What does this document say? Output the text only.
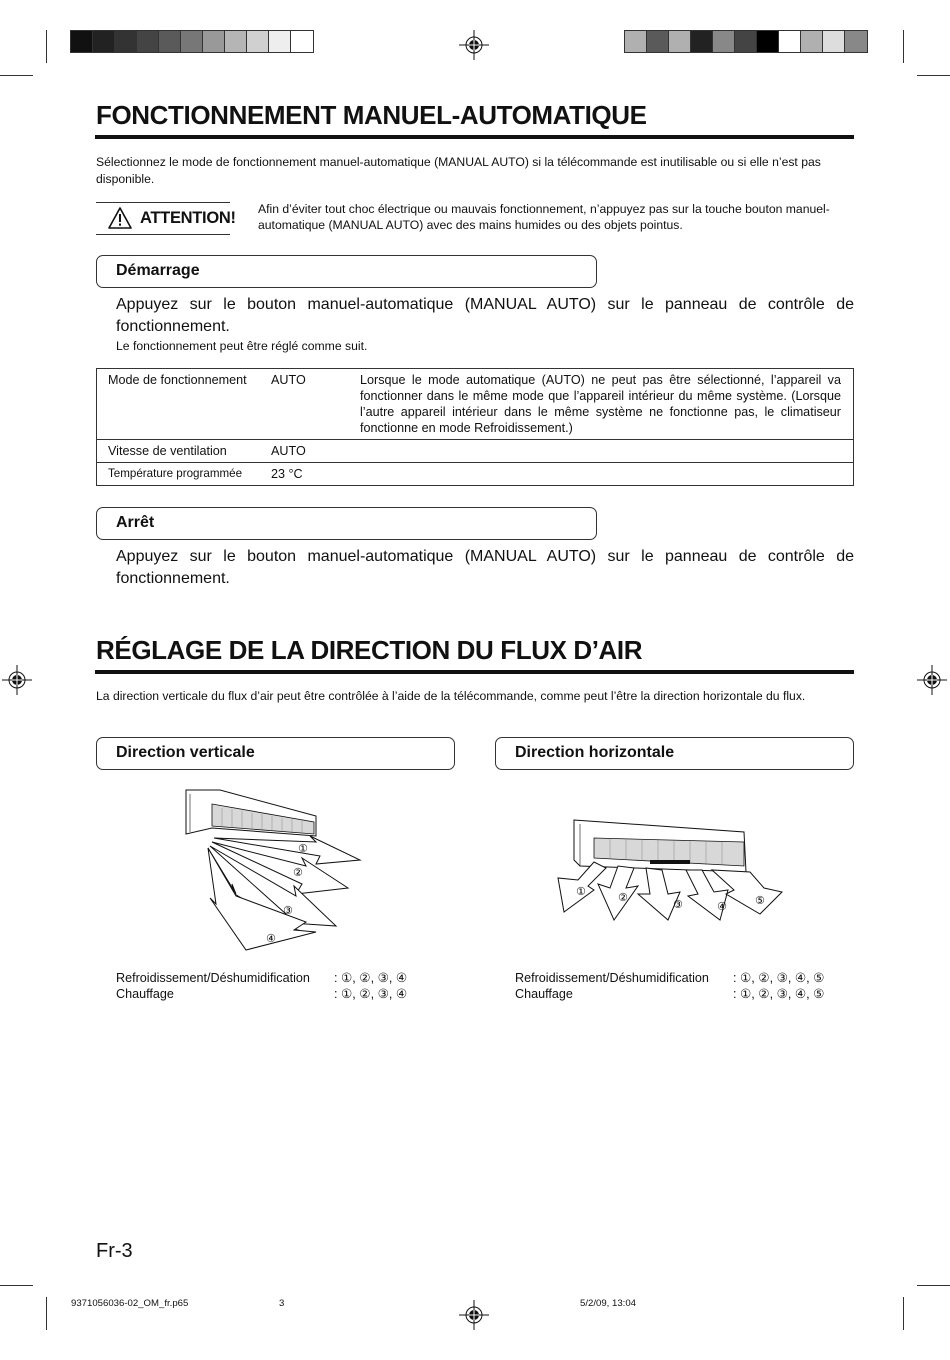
FONCTIONNEMENT MANUEL-AUTOMATIQUE
Sélectionnez le mode de fonctionnement manuel-automatique (MANUAL AUTO) si la télécommande est inutilisable ou si elle n’est pas disponible.
ATTENTION! Afin d’éviter tout choc électrique ou mauvais fonctionnement, n’appuyez pas sur la touche bouton manuel-automatique (MANUAL AUTO) avec des mains humides ou des objets pointus.
Démarrage
Appuyez sur le bouton manuel-automatique (MANUAL AUTO) sur le panneau de contrôle de fonctionnement.
Le fonctionnement peut être réglé comme suit.
Mode de fonctionnement	AUTO	Lorsque le mode automatique (AUTO) ne peut pas être sélectionné, l’appareil va fonctionner dans le même mode que l’appareil intérieur du même système. (Lorsque l’autre appareil intérieur dans le même système ne fonctionne pas, le climatiseur fonctionne en mode Refroidissement.)
Vitesse de ventilation	AUTO	
Température programmée	23 °C	
Arrêt
Appuyez sur le bouton manuel-automatique (MANUAL AUTO) sur le panneau de contrôle de fonctionnement.
RÉGLAGE DE LA DIRECTION DU FLUX D’AIR
La direction verticale du flux d’air peut être contrôlée à l’aide de la télécommande, comme peut l’être la direction horizontale du flux.
Direction verticale	Direction horizontale
①
②
③
④
①	②
③	④	⑤
Refroidissement/Déshumidification : ①, ②, ③, ④
Chauffage	: ①, ②, ③, ④
Refroidissement/Déshumidification : ①, ②, ③, ④, ⑤
Chauffage	: ①, ②, ③, ④, ⑤
Fr-3
9371056036-02_OM_fr.p65	3	5/2/09, 13:04
